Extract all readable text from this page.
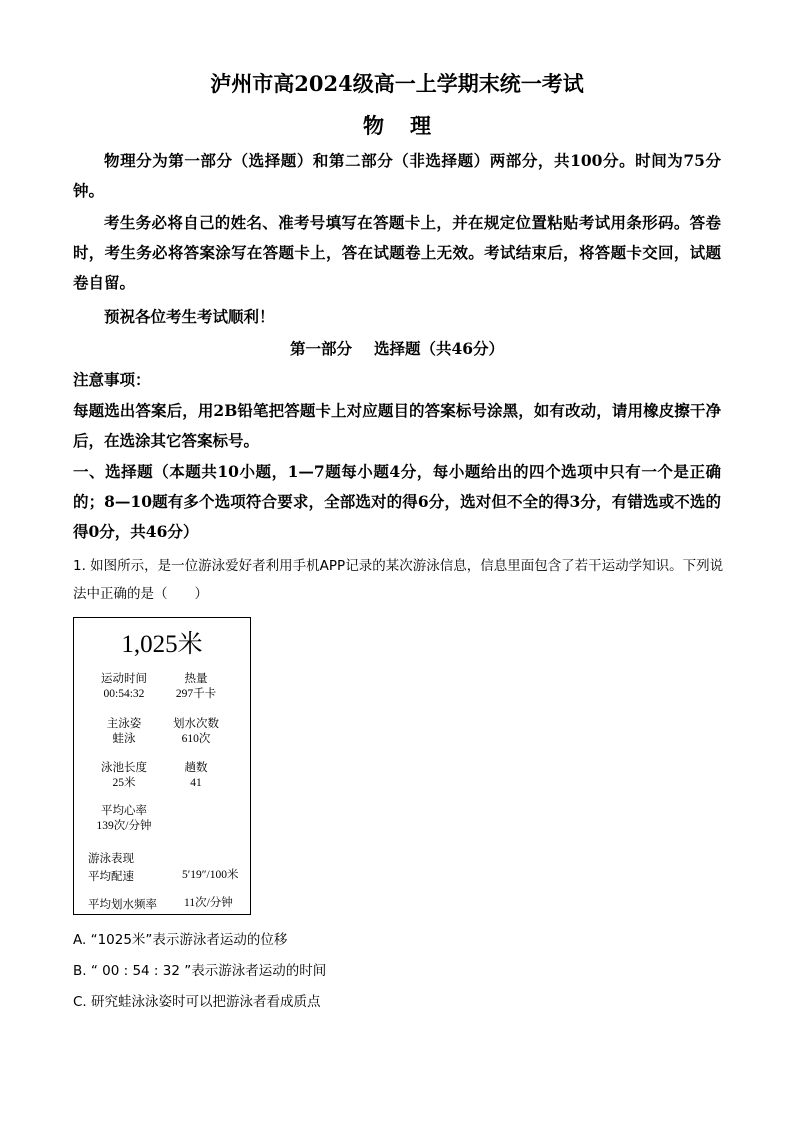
泸州市高2024级高一上学期末统一考试
物理
物理分为第一部分（选择题）和第二部分（非选择题）两部分，共100分。时间为75分钟。
考生务必将自己的姓名、准考号填写在答题卡上，并在规定位置粘贴考试用条形码。答卷时，考生务必将答案涂写在答题卡上，答在试题卷上无效。考试结束后，将答题卡交回，试题卷自留。
预祝各位考生考试顺利！
第一部分 选择题（共46分）
注意事项：
每题选出答案后，用2B铅笔把答题卡上对应题目的答案标号涂黑，如有改动，请用橡皮擦干净后，在选涂其它答案标号。
一、选择题（本题共10小题，1—7题每小题4分，每小题给出的四个选项中只有一个是正确的；8—10题有多个选项符合要求，全部选对的得6分，选对但不全的得3分，有错选或不选的得0分，共46分）
1. 如图所示，是一位游泳爱好者利用手机APP记录的某次游泳信息，信息里面包含了若干运动学知识。下列说法中正确的是（　　）
1,025米
运动时间
00:54:32
热量
297千卡
主泳姿
蛙泳
划水次数
610次
泳池长度
25米
趟数
41
平均心率
139次/分钟
游泳表现
平均配速	5′19″/100米
平均划水频率 11次/分钟
A. “1025米”表示游泳者运动的位移
B. “ 00 : 54 : 32 ”表示游泳者运动的时间
C. 研究蛙泳泳姿时可以把游泳者看成质点
